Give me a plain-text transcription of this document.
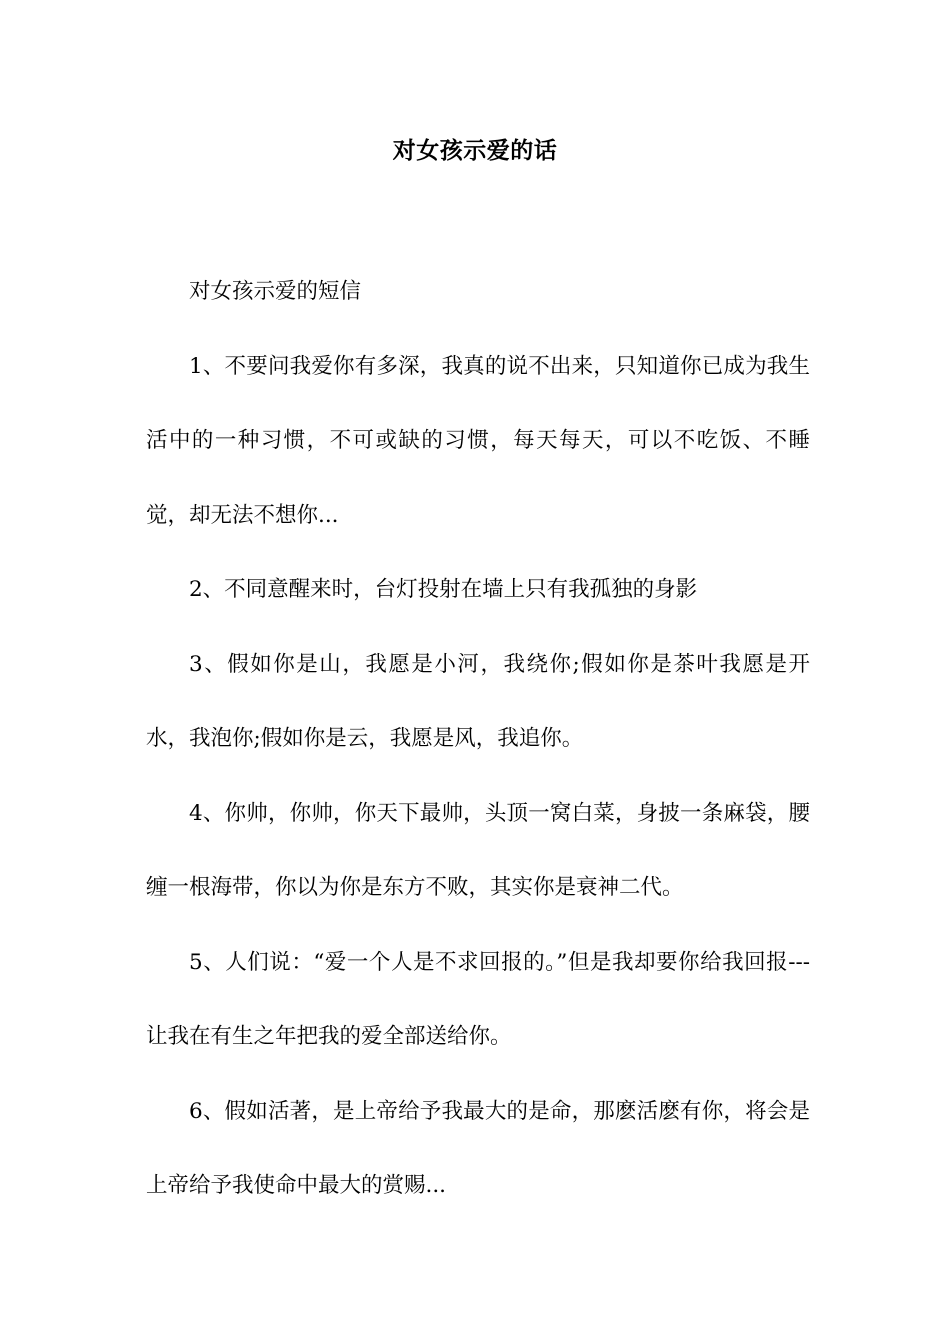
对女孩示爱的话

对女孩示爱的短信

1、不要问我爱你有多深，我真的说不出来，只知道你已成为我生活中的一种习惯，不可或缺的习惯，每天每天，可以不吃饭、不睡觉，却无法不想你...

2、不同意醒来时，台灯投射在墙上只有我孤独的身影

3、假如你是山，我愿是小河，我绕你;假如你是茶叶我愿是开水，我泡你;假如你是云，我愿是风，我追你。

4、你帅，你帅，你天下最帅，头顶一窝白菜，身披一条麻袋，腰缠一根海带，你以为你是东方不败，其实你是衰神二代。

5、人们说：“爱一个人是不求回报的。”但是我却要你给我回报---让我在有生之年把我的爱全部送给你。

6、假如活著，是上帝给予我最大的是命，那麽活麽有你，将会是上帝给予我使命中最大的赏赐...
